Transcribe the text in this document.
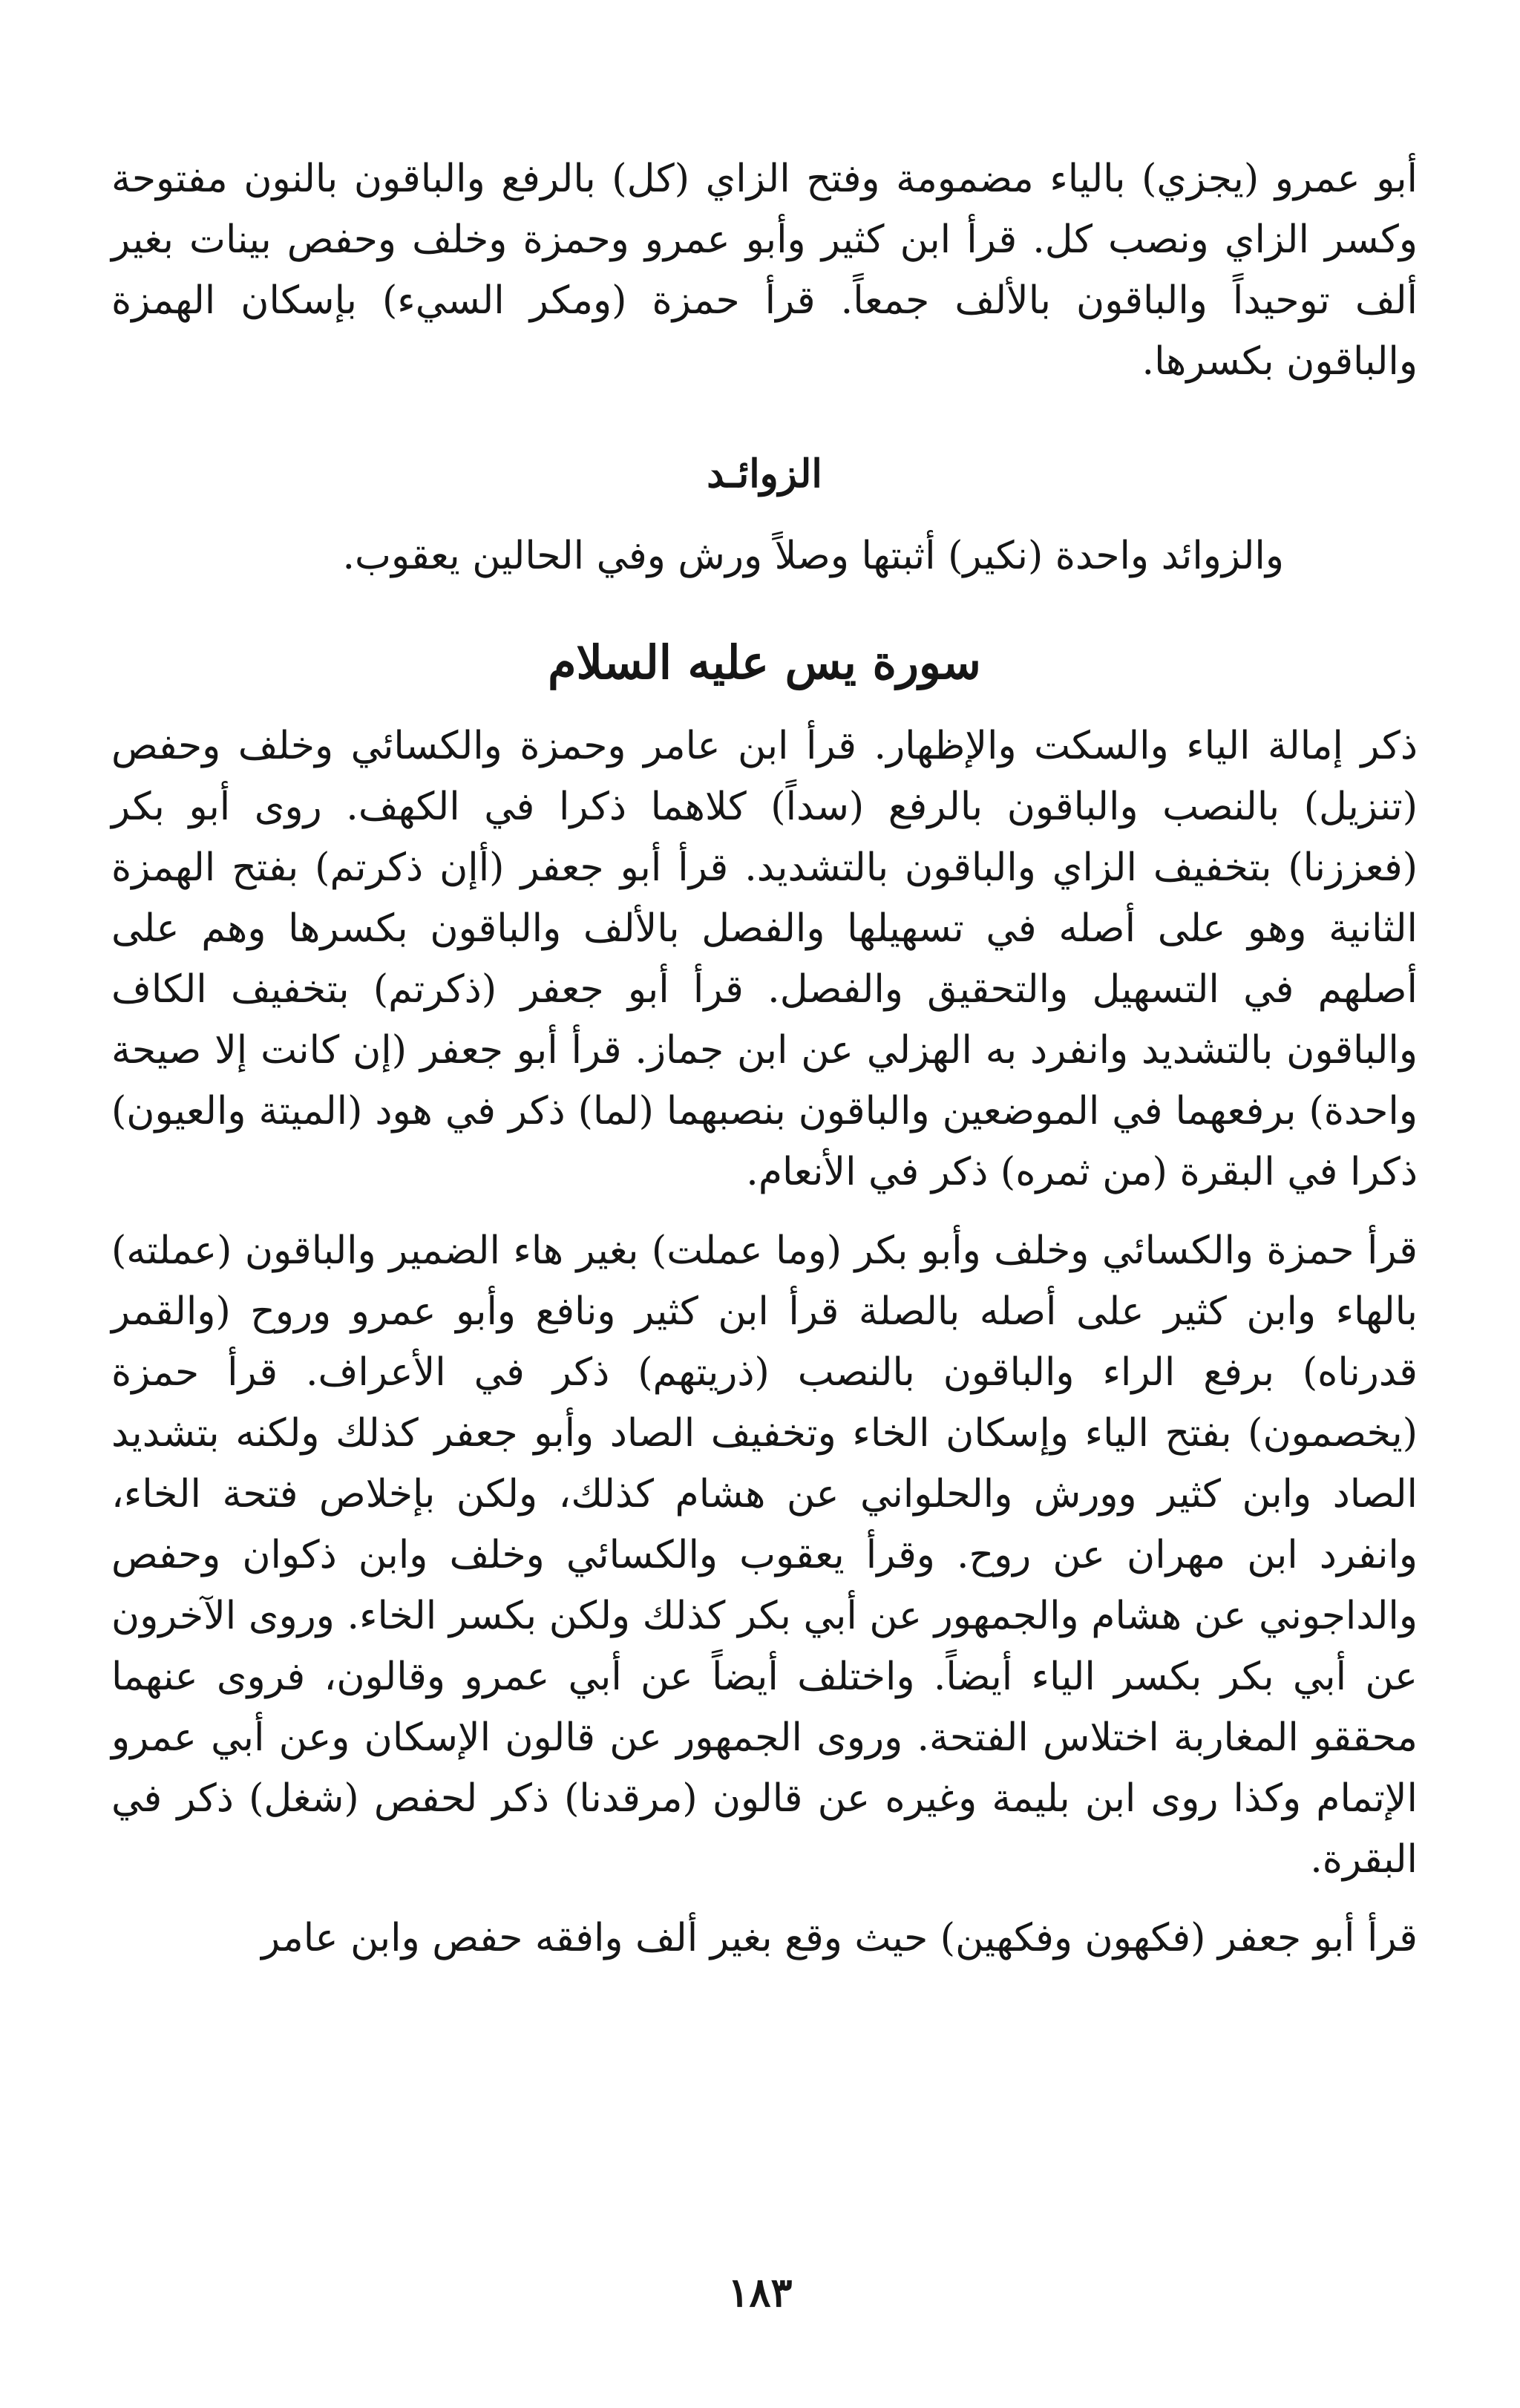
أبو عمرو (يجزي) بالياء مضمومة وفتح الزاي (كل) بالرفع والباقون بالنون مفتوحة وكسر الزاي ونصب كل. قرأ ابن كثير وأبو عمرو وحمزة وخلف وحفص بينات بغير ألف توحيداً والباقون بالألف جمعاً. قرأ حمزة (ومكر السيء) بإسكان الهمزة والباقون بكسرها.

الزوائـد

والزوائد واحدة (نكير) أثبتها وصلاً ورش وفي الحالين يعقوب.

سورة يس عليه السلام

ذكر إمالة الياء والسكت والإظهار. قرأ ابن عامر وحمزة والكسائي وخلف وحفص (تنزيل) بالنصب والباقون بالرفع (سداً) كلاهما ذكرا في الكهف. روى أبو بكر (فعززنا) بتخفيف الزاي والباقون بالتشديد. قرأ أبو جعفر (أإن ذكرتم) بفتح الهمزة الثانية وهو على أصله في تسهيلها والفصل بالألف والباقون بكسرها وهم على أصلهم في التسهيل والتحقيق والفصل. قرأ أبو جعفر (ذكرتم) بتخفيف الكاف والباقون بالتشديد وانفرد به الهزلي عن ابن جماز. قرأ أبو جعفر (إن كانت إلا صيحة واحدة) برفعهما في الموضعين والباقون بنصبهما (لما) ذكر في هود (الميتة والعيون) ذكرا في البقرة (من ثمره) ذكر في الأنعام.

قرأ حمزة والكسائي وخلف وأبو بكر (وما عملت) بغير هاء الضمير والباقون (عملته) بالهاء وابن كثير على أصله بالصلة قرأ ابن كثير ونافع وأبو عمرو وروح (والقمر قدرناه) برفع الراء والباقون بالنصب (ذريتهم) ذكر في الأعراف. قرأ حمزة (يخصمون) بفتح الياء وإسكان الخاء وتخفيف الصاد وأبو جعفر كذلك ولكنه بتشديد الصاد وابن كثير وورش والحلواني عن هشام كذلك، ولكن بإخلاص فتحة الخاء، وانفرد ابن مهران عن روح. وقرأ يعقوب والكسائي وخلف وابن ذكوان وحفص والداجوني عن هشام والجمهور عن أبي بكر كذلك ولكن بكسر الخاء. وروى الآخرون عن أبي بكر بكسر الياء أيضاً. واختلف أيضاً عن أبي عمرو وقالون، فروى عنهما محققو المغاربة اختلاس الفتحة. وروى الجمهور عن قالون الإسكان وعن أبي عمرو الإتمام وكذا روى ابن بليمة وغيره عن قالون (مرقدنا) ذكر لحفص (شغل) ذكر في البقرة.

قرأ أبو جعفر (فكهون وفكهين) حيث وقع بغير ألف وافقه حفص وابن عامر

١٨٣
